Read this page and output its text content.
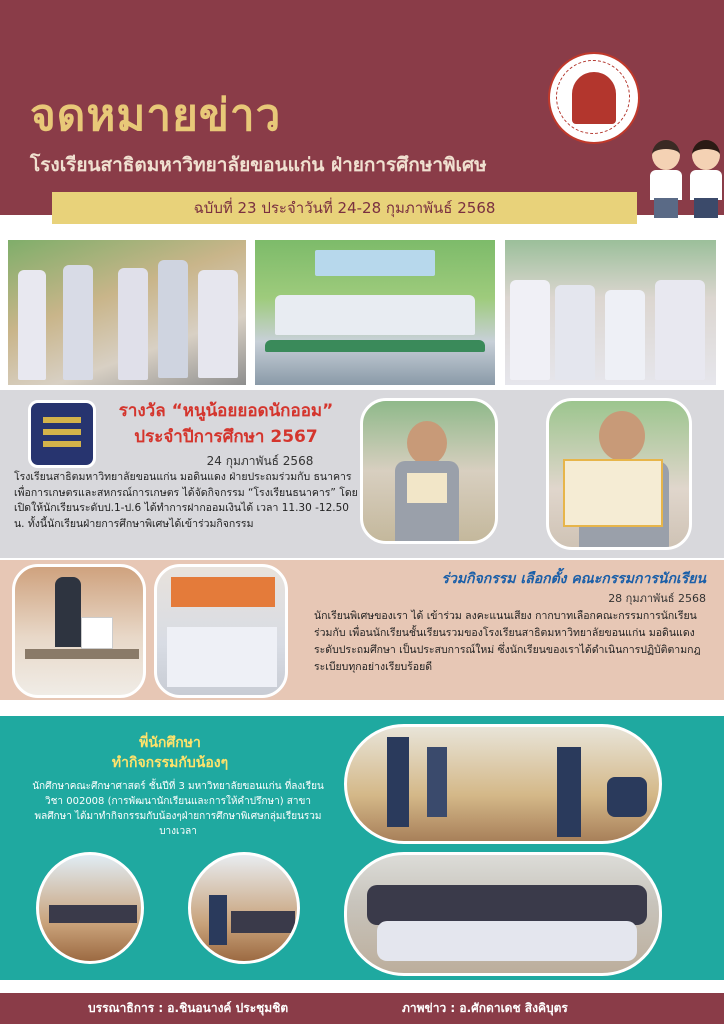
จดหมายข่าว
โรงเรียนสาธิตมหาวิทยาลัยขอนแก่น ฝ่ายการศึกษาพิเศษ
ฉบับที่ 23 ประจำวันที่ 24-28 กุมภาพันธ์ 2568
รางวัล “หนูน้อยยอดนักออม”
ประจำปีการศึกษา 2567
24 กุมภาพันธ์ 2568
โรงเรียนสาธิตมหาวิทยาลัยขอนแก่น มอดินแดง ฝ่ายประถมร่วมกับ ธนาคารเพื่อการเกษตรและสหกรณ์การเกษตร ได้จัดกิจกรรม “โรงเรียนธนาคาร” โดยเปิดให้นักเรียนระดับป.1-ป.6 ได้ทำการฝากออมเงินได้ เวลา 11.30 -12.50 น. ทั้งนี้นักเรียนฝ่ายการศึกษาพิเศษได้เข้าร่วมกิจกรรม
ร่วมกิจกรรม เลือกตั้ง คณะกรรมการนักเรียน
28 กุมภาพันธ์ 2568
นักเรียนพิเศษของเรา ได้ เข้าร่วม ลงคะแนนเสียง กากบาทเลือกคณะกรรมการนักเรียน ร่วมกับ เพื่อนนักเรียนชั้นเรียนรวมของโรงเรียนสาธิตมหาวิทยาลัยขอนแก่น มอดินแดงระดับประถมศึกษา เป็นประสบการณ์ใหม่ ซึ่งนักเรียนของเราได้ดำเนินการปฏิบัติตามกฎระเบียบทุกอย่างเรียบร้อยดี
พี่นักศึกษา
ทำกิจกรรมกับน้องๆ
นักศึกษาคณะศึกษาศาสตร์ ชั้นปีที่ 3 มหาวิทยาลัยขอนแก่น ที่ลงเรียนวิชา 002008 (การพัฒนานักเรียนและการให้คำปรึกษา) สาขาพลศึกษา ได้มาทำกิจกรรมกับน้องๆฝ่ายการศึกษาพิเศษกลุ่มเรียนรวมบางเวลา
บรรณาธิการ : อ.ชินอนางค์ ประชุมชิต	ภาพข่าว : อ.ศักดาเดช สิงคิบุตร
